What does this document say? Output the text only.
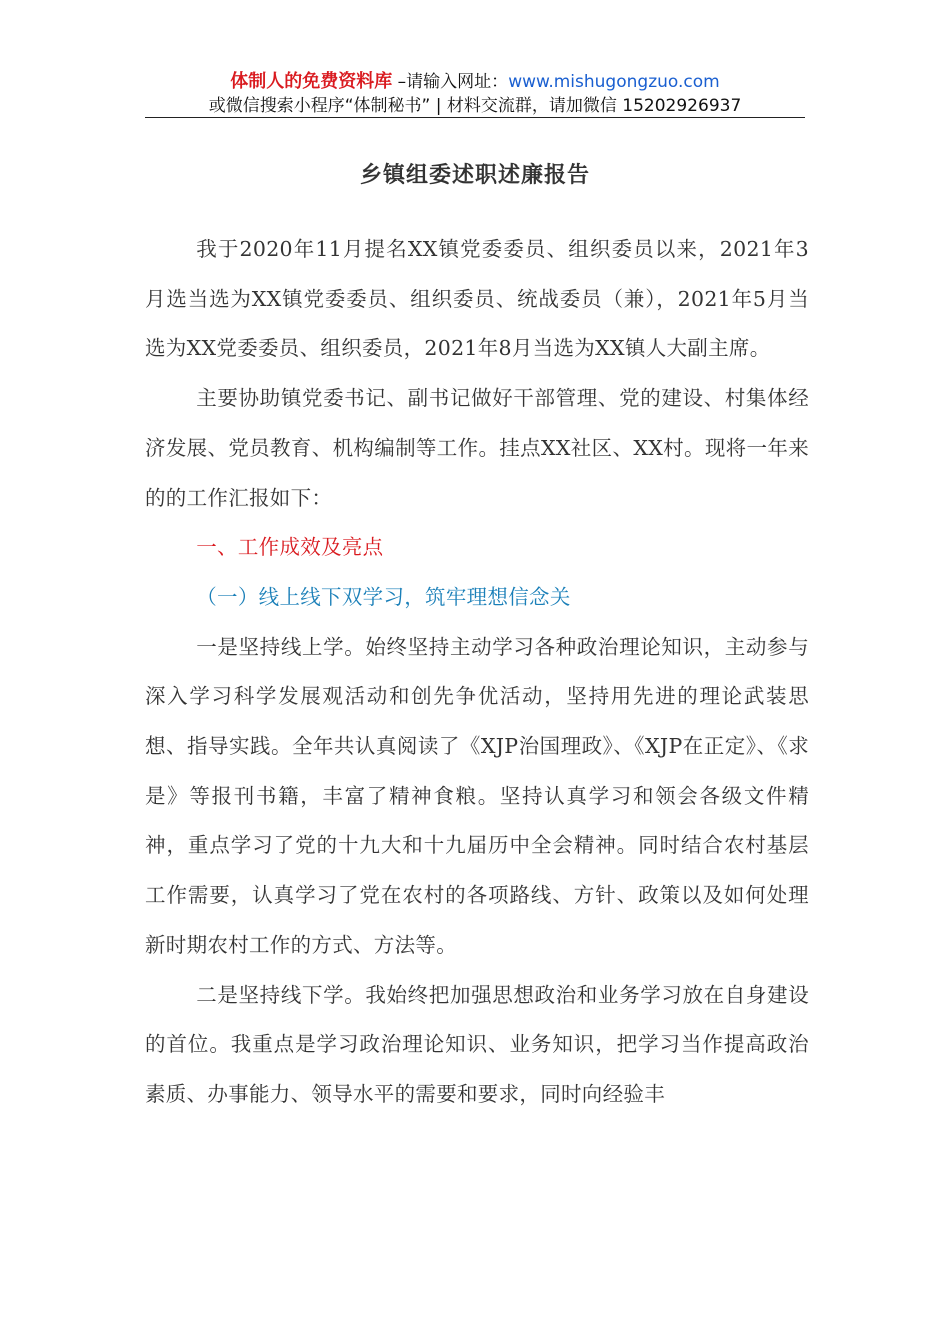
体制人的免费资料库 –请输入网址：www.mishugongzuo.com
或微信搜索小程序“体制秘书” | 材料交流群，请加微信 15202926937
乡镇组委述职述廉报告

我于2020年11月提名XX镇党委委员、组织委员以来，2021年3月选当选为XX镇党委委员、组织委员、统战委员（兼），2021年5月当选为XX党委委员、组织委员，2021年8月当选为XX镇人大副主席。

主要协助镇党委书记、副书记做好干部管理、党的建设、村集体经济发展、党员教育、机构编制等工作。挂点XX社区、XX村。现将一年来的的工作汇报如下：

一、工作成效及亮点

（一）线上线下双学习，筑牢理想信念关

一是坚持线上学。始终坚持主动学习各种政治理论知识，主动参与深入学习科学发展观活动和创先争优活动，坚持用先进的理论武装思想、指导实践。全年共认真阅读了《XJP治国理政》、《XJP在正定》、《求是》等报刊书籍，丰富了精神食粮。坚持认真学习和领会各级文件精神，重点学习了党的十九大和十九届历中全会精神。同时结合农村基层工作需要，认真学习了党在农村的各项路线、方针、政策以及如何处理新时期农村工作的方式、方法等。

二是坚持线下学。我始终把加强思想政治和业务学习放在自身建设的首位。我重点是学习政治理论知识、业务知识，把学习当作提高政治素质、办事能力、领导水平的需要和要求，同时向经验丰
